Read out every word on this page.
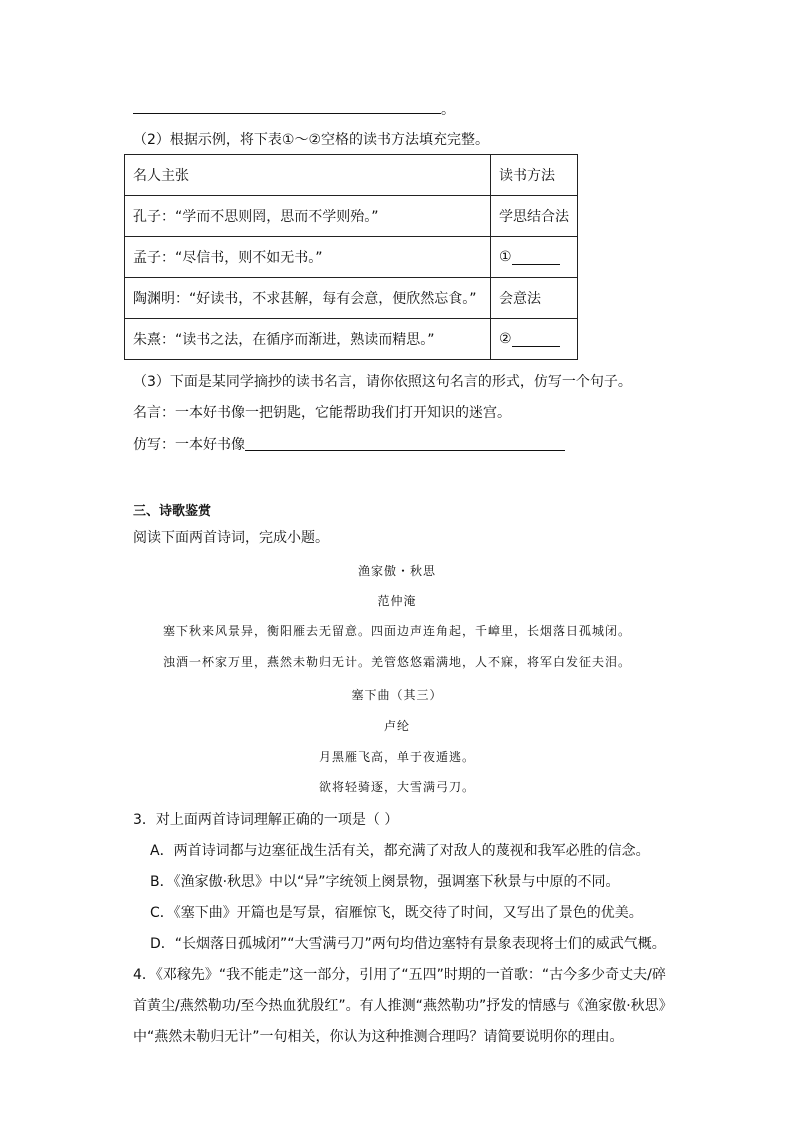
。
（2）根据示例，将下表①～②空格的读书方法填充完整。
名人主张	读书方法
孔子：“学而不思则罔，思而不学则殆。”	学思结合法
孟子：“尽信书，则不如无书。”	①
陶渊明：“好读书，不求甚解，每有会意，便欣然忘食。”	会意法
朱熹：“读书之法，在循序而渐进，熟读而精思。”	②
（3）下面是某同学摘抄的读书名言，请你依照这句名言的形式，仿写一个句子。
名言：一本好书像一把钥匙，它能帮助我们打开知识的迷宫。
仿写：一本好书像
三、诗歌鉴赏
阅读下面两首诗词，完成小题。
渔家傲・秋思
范仲淹
塞下秋来风景异，衡阳雁去无留意。四面边声连角起，千嶂里，长烟落日孤城闭。
浊酒一杯家万里，燕然未勒归无计。羌管悠悠霜满地，人不寐，将军白发征夫泪。
塞下曲（其三）
卢纶
月黑雁飞高，单于夜遁逃。
欲将轻骑逐，大雪满弓刀。
3．对上面两首诗词理解正确的一项是（ ）
A．两首诗词都与边塞征战生活有关，都充满了对敌人的蔑视和我军必胜的信念。
B．《渔家傲·秋思》中以“异”字统领上阕景物，强调塞下秋景与中原的不同。
C．《塞下曲》开篇也是写景，宿雁惊飞，既交待了时间，又写出了景色的优美。
D．“长烟落日孤城闭”“大雪满弓刀”两句均借边塞特有景象表现将士们的威武气概。
4．《邓稼先》“我不能走”这一部分，引用了“五四”时期的一首歌：“古今多少奇丈夫/碎
首黄尘/燕然勒功/至今热血犹殷红”。有人推测“燕然勒功”抒发的情感与《渔家傲·秋思》
中“燕然未勒归无计”一句相关，你认为这种推测合理吗？请简要说明你的理由。
